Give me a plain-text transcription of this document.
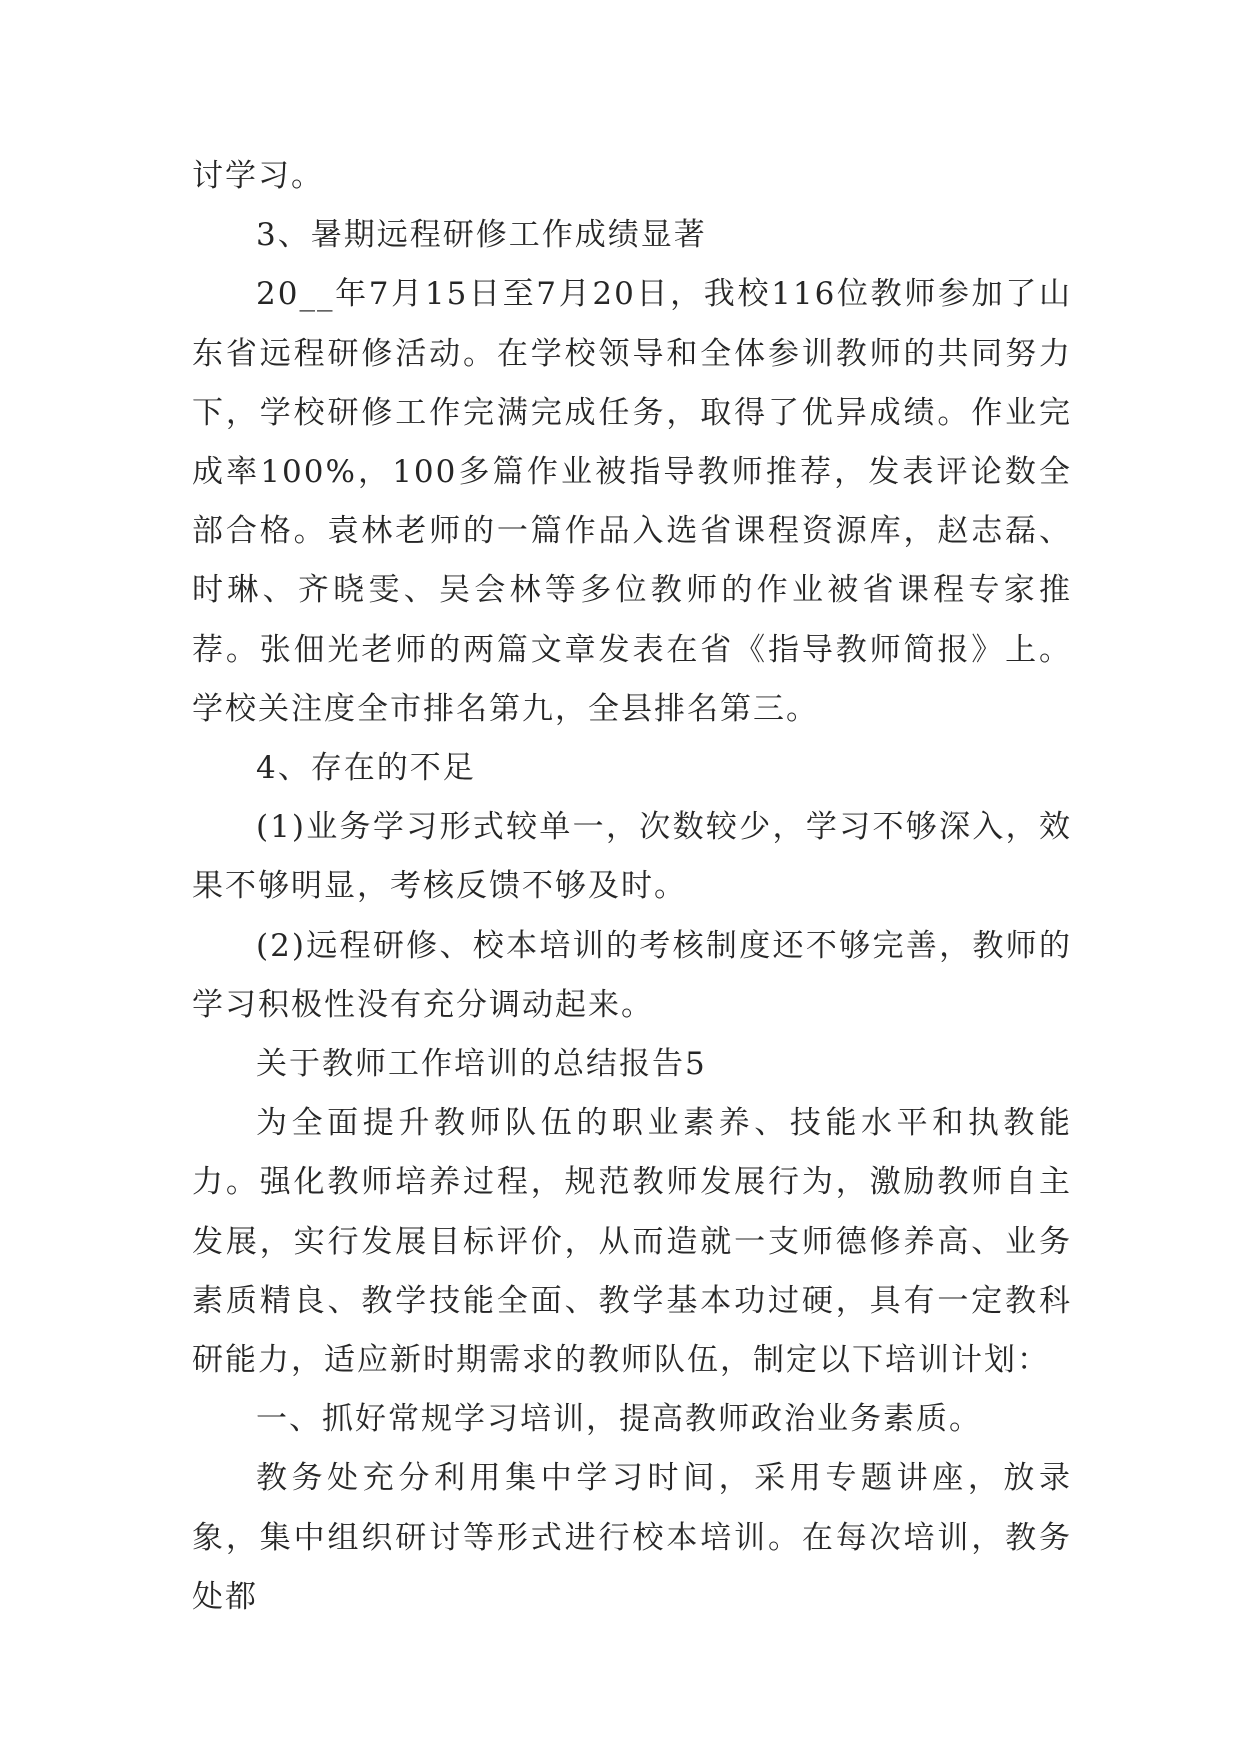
讨学习。

3、暑期远程研修工作成绩显著

20__年7月15日至7月20日，我校116位教师参加了山东省远程研修活动。在学校领导和全体参训教师的共同努力下，学校研修工作完满完成任务，取得了优异成绩。作业完成率100%，100多篇作业被指导教师推荐，发表评论数全部合格。袁林老师的一篇作品入选省课程资源库，赵志磊、时琳、齐晓雯、吴会林等多位教师的作业被省课程专家推荐。张佃光老师的两篇文章发表在省《指导教师简报》上。学校关注度全市排名第九，全县排名第三。

4、存在的不足

(1)业务学习形式较单一，次数较少，学习不够深入，效果不够明显，考核反馈不够及时。

(2)远程研修、校本培训的考核制度还不够完善，教师的学习积极性没有充分调动起来。

关于教师工作培训的总结报告5

为全面提升教师队伍的职业素养、技能水平和执教能力。强化教师培养过程，规范教师发展行为，激励教师自主发展，实行发展目标评价，从而造就一支师德修养高、业务素质精良、教学技能全面、教学基本功过硬，具有一定教科研能力，适应新时期需求的教师队伍，制定以下培训计划：

一、抓好常规学习培训，提高教师政治业务素质。

教务处充分利用集中学习时间，采用专题讲座，放录象，集中组织研讨等形式进行校本培训。在每次培训，教务处都
